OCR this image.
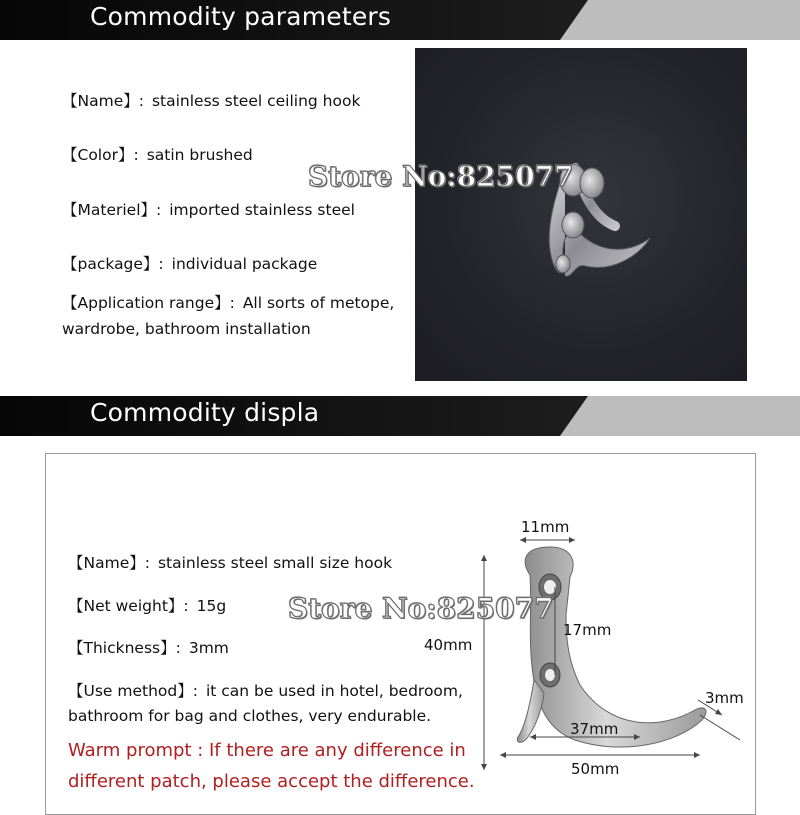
Commodity parameters
【Name】: stainless steel ceiling hook
【Color】: satin brushed
【Materiel】: imported stainless steel
【package】: individual package
【Application range】: All sorts of metope,
wardrobe, bathroom installation
Store No:825077
Commodity displa
【Name】: stainless steel small size hook
【Net weight】: 15g
【Thickness】: 3mm
【Use method】: it can be used in hotel, bedroom,
bathroom for bag and clothes, very endurable.
Warm prompt : If there are any difference in
different patch, please accept the difference.
11mm
40mm
17mm
3mm
37mm
50mm
Store No:825077
